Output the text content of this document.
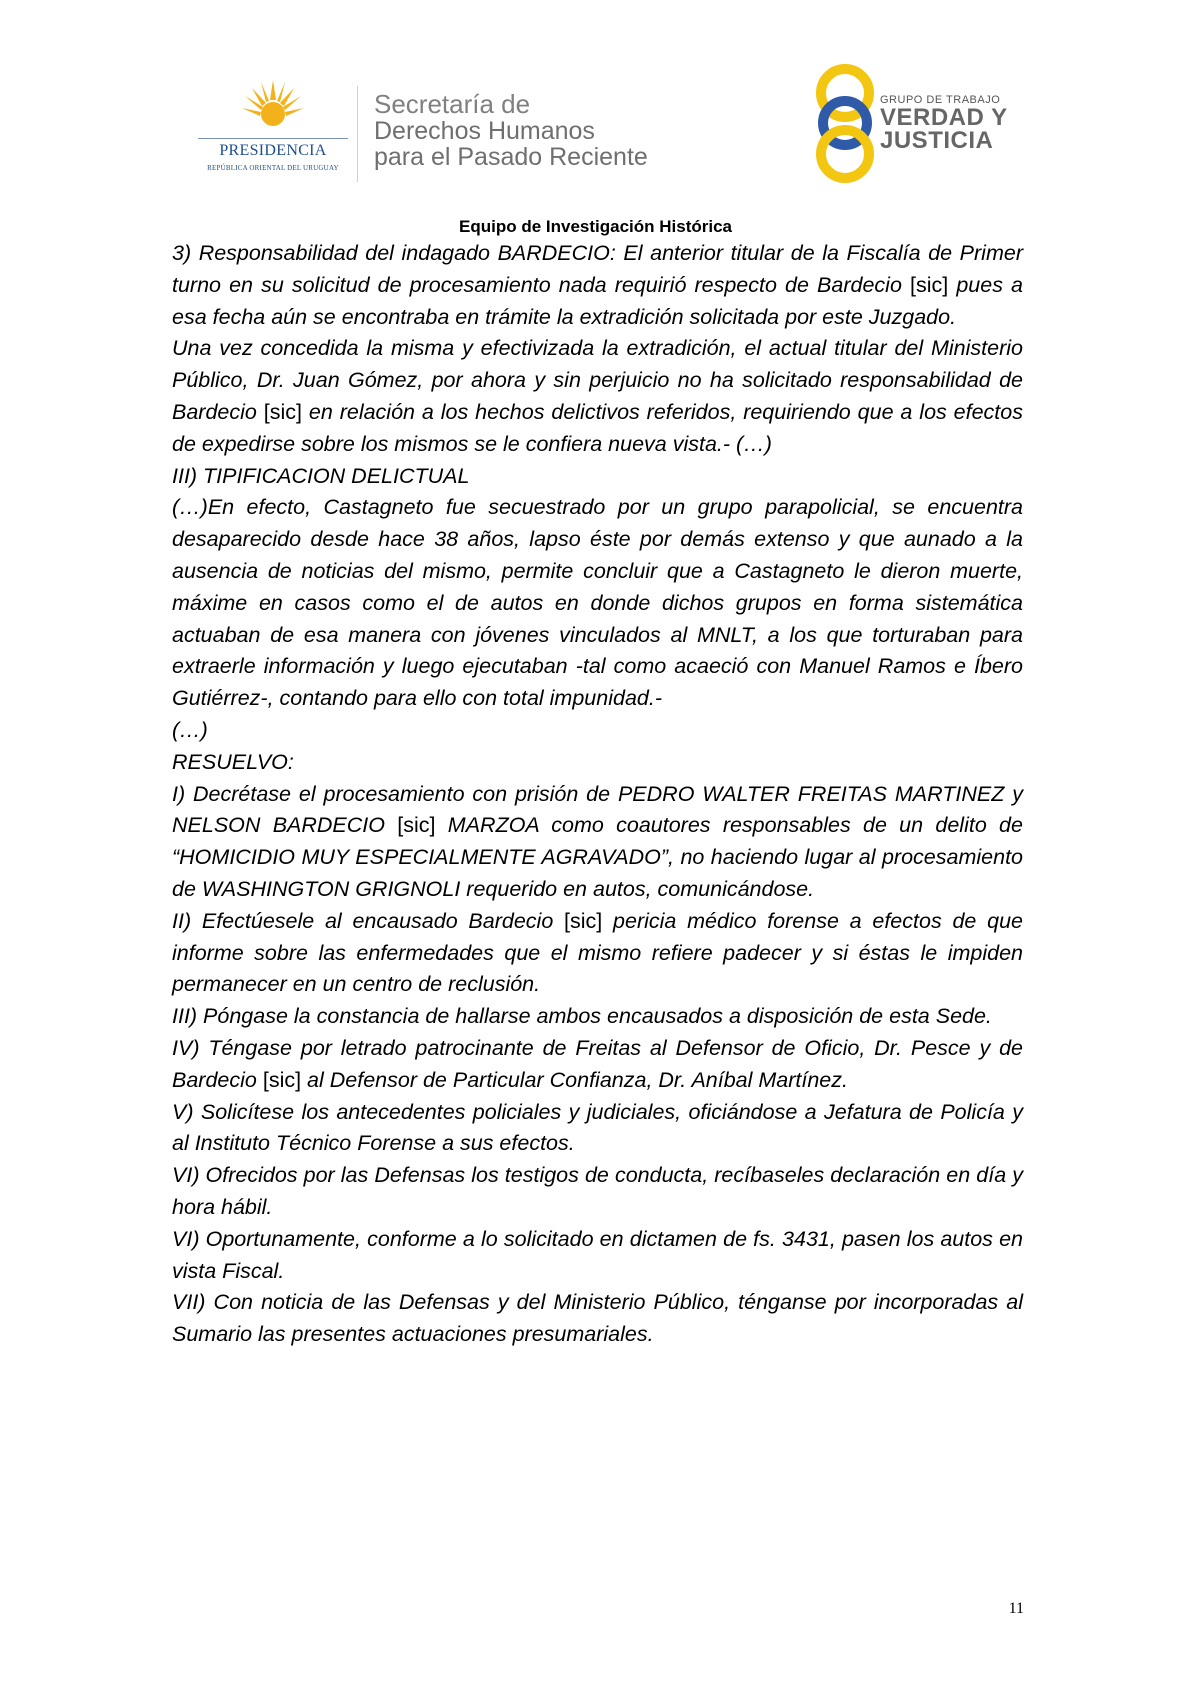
PRESIDENCIA
REPÚBLICA ORIENTAL DEL URUGUAY
Secretaría de
Derechos Humanos
para el Pasado Reciente
GRUPO DE TRABAJO
VERDAD Y
JUSTICIA
Equipo de Investigación Histórica

3) Responsabilidad del indagado BARDECIO: El anterior titular de la Fiscalía de Primer turno en su solicitud de procesamiento nada requirió respecto de Bardecio [sic] pues a esa fecha aún se encontraba en trámite la extradición solicitada por este Juzgado.

Una vez concedida la misma y efectivizada la extradición, el actual titular del Ministerio Público, Dr. Juan Gómez, por ahora y sin perjuicio no ha solicitado responsabilidad de Bardecio [sic] en relación a los hechos delictivos referidos, requiriendo que a los efectos de expedirse sobre los mismos se le confiera nueva vista.- (…)

III) TIPIFICACION DELICTUAL

(…)En efecto, Castagneto fue secuestrado por un grupo parapolicial, se encuentra desaparecido desde hace 38 años, lapso éste por demás extenso y que aunado a la ausencia de noticias del mismo, permite concluir que a Castagneto le dieron muerte, máxime en casos como el de autos en donde dichos grupos en forma sistemática actuaban de esa manera con jóvenes vinculados al MNLT, a los que torturaban para extraerle información y luego ejecutaban -tal como acaeció con Manuel Ramos e Íbero Gutiérrez-, contando para ello con total impunidad.-

(…)

RESUELVO:

I) Decrétase el procesamiento con prisión de PEDRO WALTER FREITAS MARTINEZ y NELSON BARDECIO [sic] MARZOA como coautores responsables de un delito de “HOMICIDIO MUY ESPECIALMENTE AGRAVADO”, no haciendo lugar al procesamiento de WASHINGTON GRIGNOLI requerido en autos, comunicándose.

II) Efectúesele al encausado Bardecio [sic] pericia médico forense a efectos de que informe sobre las enfermedades que el mismo refiere padecer y si éstas le impiden permanecer en un centro de reclusión.

III) Póngase la constancia de hallarse ambos encausados a disposición de esta Sede.

IV) Téngase por letrado patrocinante de Freitas al Defensor de Oficio, Dr. Pesce y de Bardecio [sic] al Defensor de Particular Confianza, Dr. Aníbal Martínez.

V) Solicítese los antecedentes policiales y judiciales, oficiándose a Jefatura de Policía y al Instituto Técnico Forense a sus efectos.

VI) Ofrecidos por las Defensas los testigos de conducta, recíbaseles declaración en día y hora hábil.

VI) Oportunamente, conforme a lo solicitado en dictamen de fs. 3431, pasen los autos en vista Fiscal.

VII) Con noticia de las Defensas y del Ministerio Público, ténganse por incorporadas al Sumario las presentes actuaciones presumariales.

11
